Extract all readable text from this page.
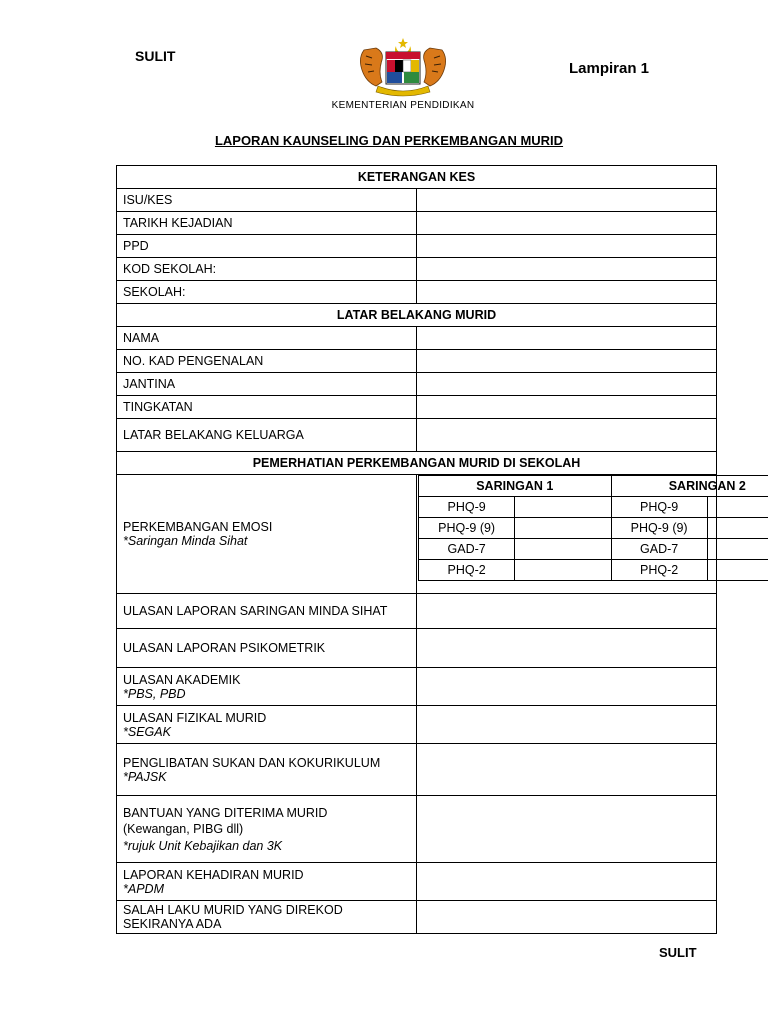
SULIT
Lampiran 1
KEMENTERIAN PENDIDIKAN
LAPORAN KAUNSELING DAN PERKEMBANGAN MURID
KETERANGAN KES
ISU/KES	
TARIKH KEJADIAN	
PPD	
KOD SEKOLAH:	
SEKOLAH:	
LATAR BELAKANG MURID
NAMA	
NO. KAD PENGENALAN	
JANTINA	
TINGKATAN	
LATAR BELAKANG KELUARGA	
PEMERHATIAN PERKEMBANGAN MURID DI SEKOLAH

PERKEMBANGAN EMOSI
*Saringan Minda Sihat

SARINGAN 1	SARINGAN 2
PHQ-9		PHQ-9	
PHQ-9 (9)		PHQ-9 (9)	
GAD-7		GAD-7	
PHQ-2		PHQ-2	

ULASAN LAPORAN SARINGAN MINDA SIHAT	
ULASAN LAPORAN PSIKOMETRIK	

ULASAN AKADEMIK
*PBS, PBD

ULASAN FIZIKAL MURID
*SEGAK

PENGLIBATAN SUKAN DAN KOKURIKULUM
*PAJSK

BANTUAN YANG DITERIMA MURID
(Kewangan, PIBG dll)
*rujuk Unit Kebajikan dan 3K

LAPORAN KEHADIRAN MURID
*APDM

SALAH LAKU MURID YANG DIREKOD SEKIRANYA ADA	
SULIT
